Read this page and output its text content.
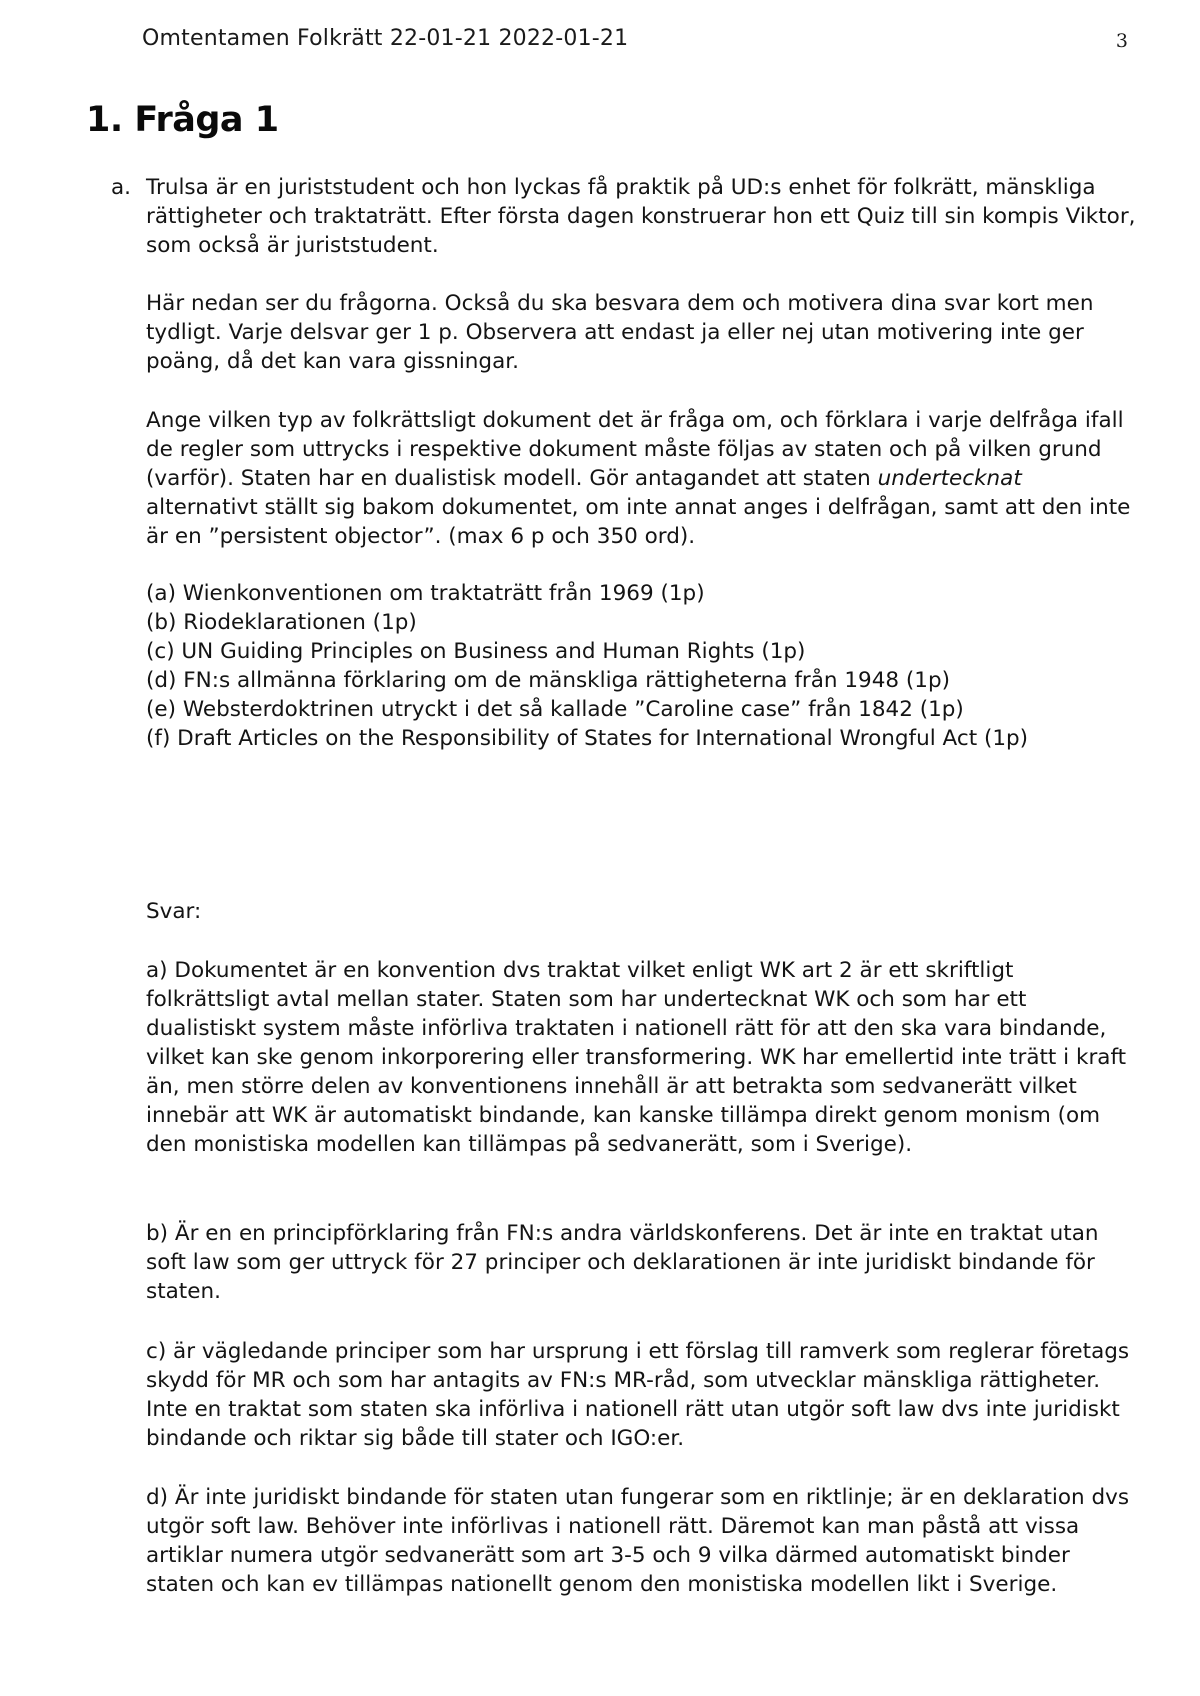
Omtentamen Folkrätt 22-01-21 2022-01-21	3
1. Fråga 1
a. Trulsa är en juriststudent och hon lyckas få praktik på UD:s enhet för folkrätt, mänskliga rättigheter och traktaträtt. Efter första dagen konstruerar hon ett Quiz till sin kompis Viktor, som också är juriststudent.

Här nedan ser du frågorna. Också du ska besvara dem och motivera dina svar kort men tydligt. Varje delsvar ger 1 p. Observera att endast ja eller nej utan motivering inte ger poäng, då det kan vara gissningar.

Ange vilken typ av folkrättsligt dokument det är fråga om, och förklara i varje delfråga ifall de regler som uttrycks i respektive dokument måste följas av staten och på vilken grund (varför). Staten har en dualistisk modell. Gör antagandet att staten undertecknat alternativt ställt sig bakom dokumentet, om inte annat anges i delfrågan, samt att den inte är en ”persistent objector”. (max 6 p och 350 ord).

(a) Wienkonventionen om traktaträtt från 1969 (1p)
(b) Riodeklarationen (1p)
(c) UN Guiding Principles on Business and Human Rights (1p)
(d) FN:s allmänna förklaring om de mänskliga rättigheterna från 1948 (1p)
(e) Websterdoktrinen utryckt i det så kallade ”Caroline case” från 1842 (1p)
(f) Draft Articles on the Responsibility of States for International Wrongful Act (1p)

Svar:

a) Dokumentet är en konvention dvs traktat vilket enligt WK art 2 är ett skriftligt folkrättsligt avtal mellan stater. Staten som har undertecknat WK och som har ett dualistiskt system måste införliva traktaten i nationell rätt för att den ska vara bindande, vilket kan ske genom inkorporering eller transformering. WK har emellertid inte trätt i kraft än, men större delen av konventionens innehåll är att betrakta som sedvanerätt vilket innebär att WK är automatiskt bindande, kan kanske tillämpa direkt genom monism (om den monistiska modellen kan tillämpas på sedvanerätt, som i Sverige).

b) Är en en principförklaring från FN:s andra världskonferens. Det är inte en traktat utan soft law som ger uttryck för 27 principer och deklarationen är inte juridiskt bindande för staten.

c) är vägledande principer som har ursprung i ett förslag till ramverk som reglerar företags skydd för MR och som har antagits av FN:s MR-råd, som utvecklar mänskliga rättigheter. Inte en traktat som staten ska införliva i nationell rätt utan utgör soft law dvs inte juridiskt bindande och riktar sig både till stater och IGO:er.

d) Är inte juridiskt bindande för staten utan fungerar som en riktlinje; är en deklaration dvs utgör soft law. Behöver inte införlivas i nationell rätt. Däremot kan man påstå att vissa artiklar numera utgör sedvanerätt som art 3-5 och 9 vilka därmed automatiskt binder staten och kan ev tillämpas nationellt genom den monistiska modellen likt i Sverige.
